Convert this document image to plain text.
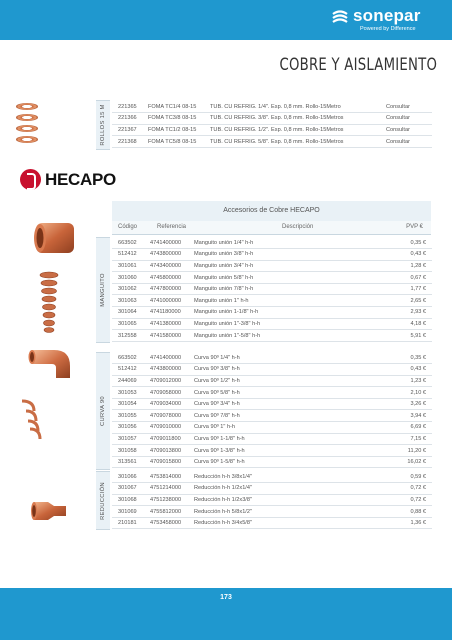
sonepar
Powered by Difference
COBRE Y AISLAMIENTO
ROLLOS 15 M 221365	FOMA TC1/4 08-15	TUB. CU REFRIG. 1/4". Esp. 0,8 mm. Rollo-15Metro	Consultar
221366	FOMA TC3/8 08-15	TUB. CU REFRIG. 3/8". Esp. 0,8 mm. Rollo-15Metros	Consultar
221367	FOMA TC1/2 08-15	TUB. CU REFRIG. 1/2". Esp. 0,8 mm. Rollo-15Metros	Consultar
221368	FOMA TC5/8 08-15	TUB. CU REFRIG. 5/8". Esp. 0,8 mm. Rollo-15Metros	Consultar
HECAPO
Accesorios de Cobre HECAPO
Código	Referencia	Descripción	PVP €
MANGUITO
663502	4741400000	Manguito unión 1/4" h-h	0,35 €
512412	4743800000	Manguito unión 3/8" h-h	0,43 €
301061	4743400000	Manguito unión 3/4" h-h	1,28 €
301060	4745800000	Manguito unión 5/8" h-h	0,67 €
301062	4747800000	Manguito unión 7/8" h-h	1,77 €
301063	4741000000	Manguito unión 1" h-h	2,65 €
301064	4741180000	Manguito unión 1-1/8" h-h	2,93 €
301065	4741380000	Manguito unión 1"-3/8" h-h	4,18 €
312558	4741580000	Manguito unión 1"-5/8" h-h	5,91 €
CURVA 90
663502	4741400000	Curva 90º 1/4" h-h	0,35 €
512412	4743800000	Curva 90º 3/8" h-h	0,43 €
244069	4709012000	Curva 90º 1/2" h-h	1,23 €
301053	4709058000	Curva 90º 5/8" h-h	2,10 €
301054	4709034000	Curva 90º 3/4" h-h	3,26 €
301055	4709078000	Curva 90º 7/8" h-h	3,94 €
301056	4709010000	Curva 90º 1" h-h	6,69 €
301057	4709011800	Curva 90º 1-1/8" h-h	7,15 €
301058	4709013800	Curva 90º 1-3/8" h-h	11,20 €
313561	4709015800	Curva 90º 1-5/8" h-h	16,02 €
REDUCCIÓN
301066	4753814000	Reducción h-h 3/8x1/4"	0,59 €
301067	4751214000	Reducción h-h 1/2x1/4"	0,72 €
301068	4751238000	Reducción h-h 1/2x3/8"	0,72 €
301069	4755812000	Reducción h-h 5/8x1/2"	0,88 €
210181	4753458000	Reducción h-h 3/4x5/8"	1,36 €
173
